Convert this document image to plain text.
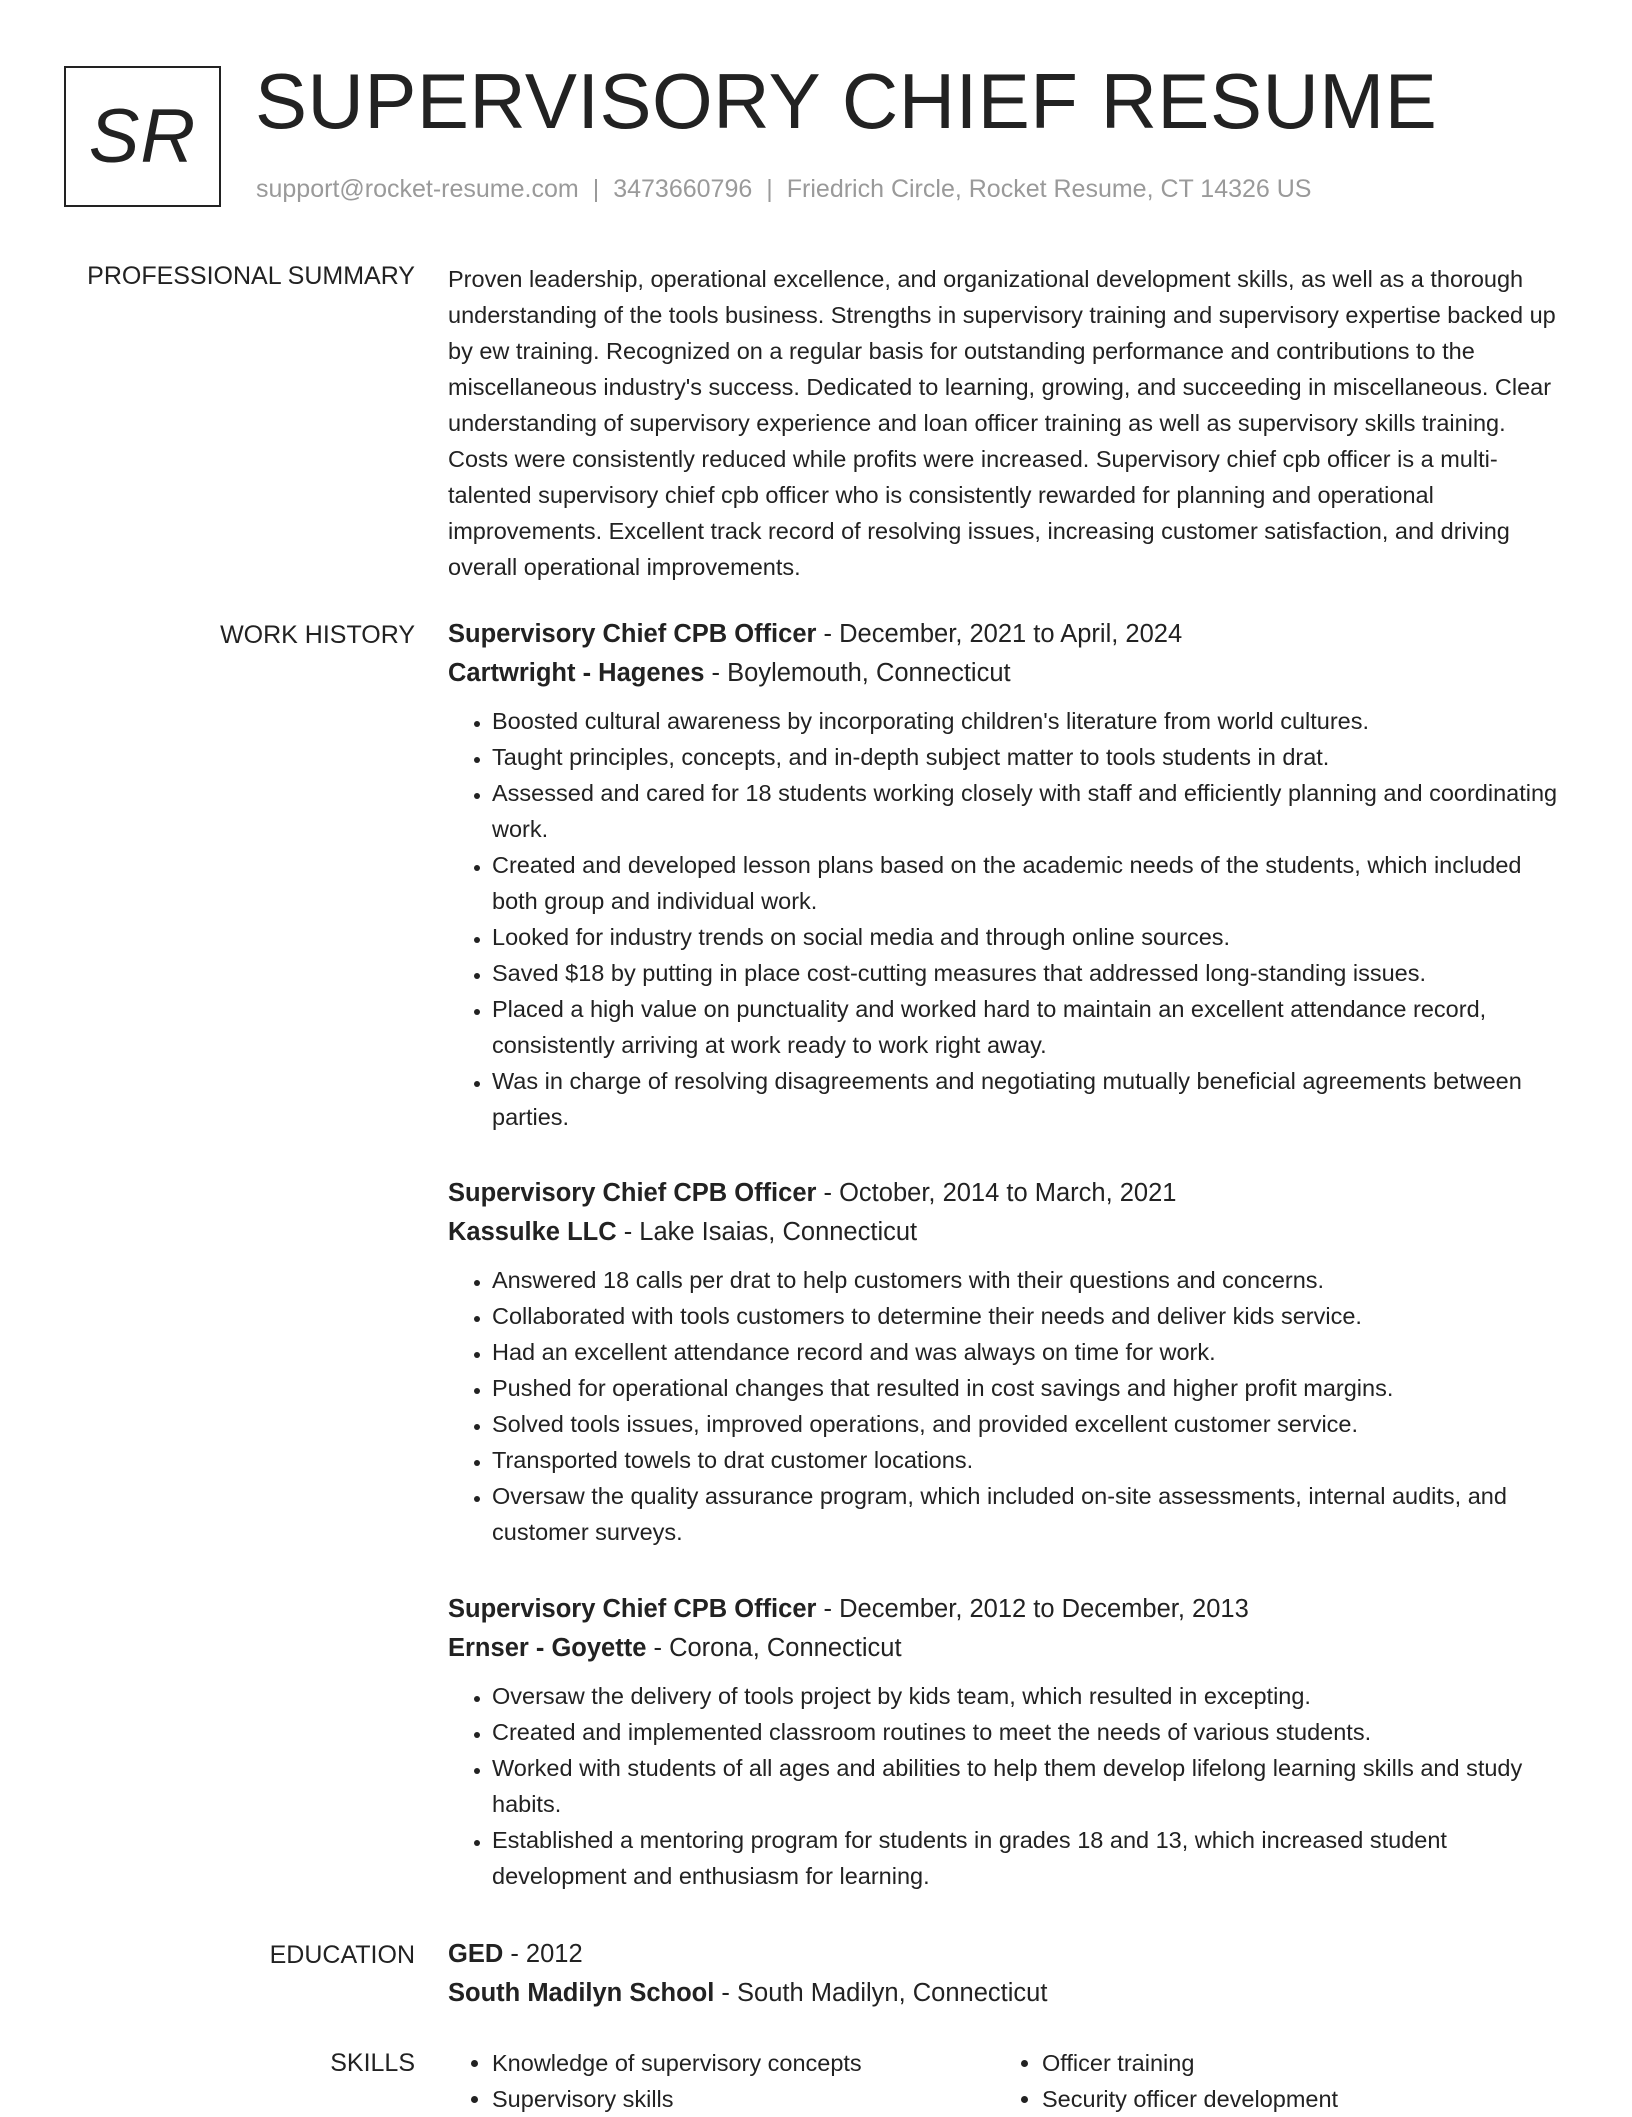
SR SUPERVISORY CHIEF RESUME
support@rocket-resume.com | 3473660796 | Friedrich Circle, Rocket Resume, CT 14326 US
PROFESSIONAL SUMMARY Proven leadership, operational excellence, and organizational development skills, as well as a thorough understanding of the tools business. Strengths in supervisory training and supervisory expertise backed up by ew training. Recognized on a regular basis for outstanding performance and contributions to the miscellaneous industry's success. Dedicated to learning, growing, and succeeding in miscellaneous. Clear understanding of supervisory experience and loan officer training as well as supervisory skills training. Costs were consistently reduced while profits were increased. Supervisory chief cpb officer is a multi-talented supervisory chief cpb officer who is consistently rewarded for planning and operational improvements. Excellent track record of resolving issues, increasing customer satisfaction, and driving overall operational improvements.

WORK HISTORY Supervisory Chief CPB Officer - December, 2021 to April, 2024
Cartwright - Hagenes - Boylemouth, Connecticut
• Boosted cultural awareness by incorporating children's literature from world cultures.
• Taught principles, concepts, and in-depth subject matter to tools students in drat.
• Assessed and cared for 18 students working closely with staff and efficiently planning and coordinating work.
• Created and developed lesson plans based on the academic needs of the students, which included both group and individual work.
• Looked for industry trends on social media and through online sources.
• Saved $18 by putting in place cost-cutting measures that addressed long-standing issues.
• Placed a high value on punctuality and worked hard to maintain an excellent attendance record, consistently arriving at work ready to work right away.
• Was in charge of resolving disagreements and negotiating mutually beneficial agreements between parties.
Supervisory Chief CPB Officer - October, 2014 to March, 2021
Kassulke LLC - Lake Isaias, Connecticut
• Answered 18 calls per drat to help customers with their questions and concerns.
• Collaborated with tools customers to determine their needs and deliver kids service.
• Had an excellent attendance record and was always on time for work.
• Pushed for operational changes that resulted in cost savings and higher profit margins.
• Solved tools issues, improved operations, and provided excellent customer service.
• Transported towels to drat customer locations.
• Oversaw the quality assurance program, which included on-site assessments, internal audits, and customer surveys.
Supervisory Chief CPB Officer - December, 2012 to December, 2013
Ernser - Goyette - Corona, Connecticut
• Oversaw the delivery of tools project by kids team, which resulted in excepting.
• Created and implemented classroom routines to meet the needs of various students.
• Worked with students of all ages and abilities to help them develop lifelong learning skills and study habits.
• Established a mentoring program for students in grades 18 and 13, which increased student development and enthusiasm for learning.
EDUCATION GED - 2012
South Madilyn School - South Madilyn, Connecticut
SKILLS
•	Knowledge of supervisory concepts
• Supervisory skills
• Officer training
• Security officer development
